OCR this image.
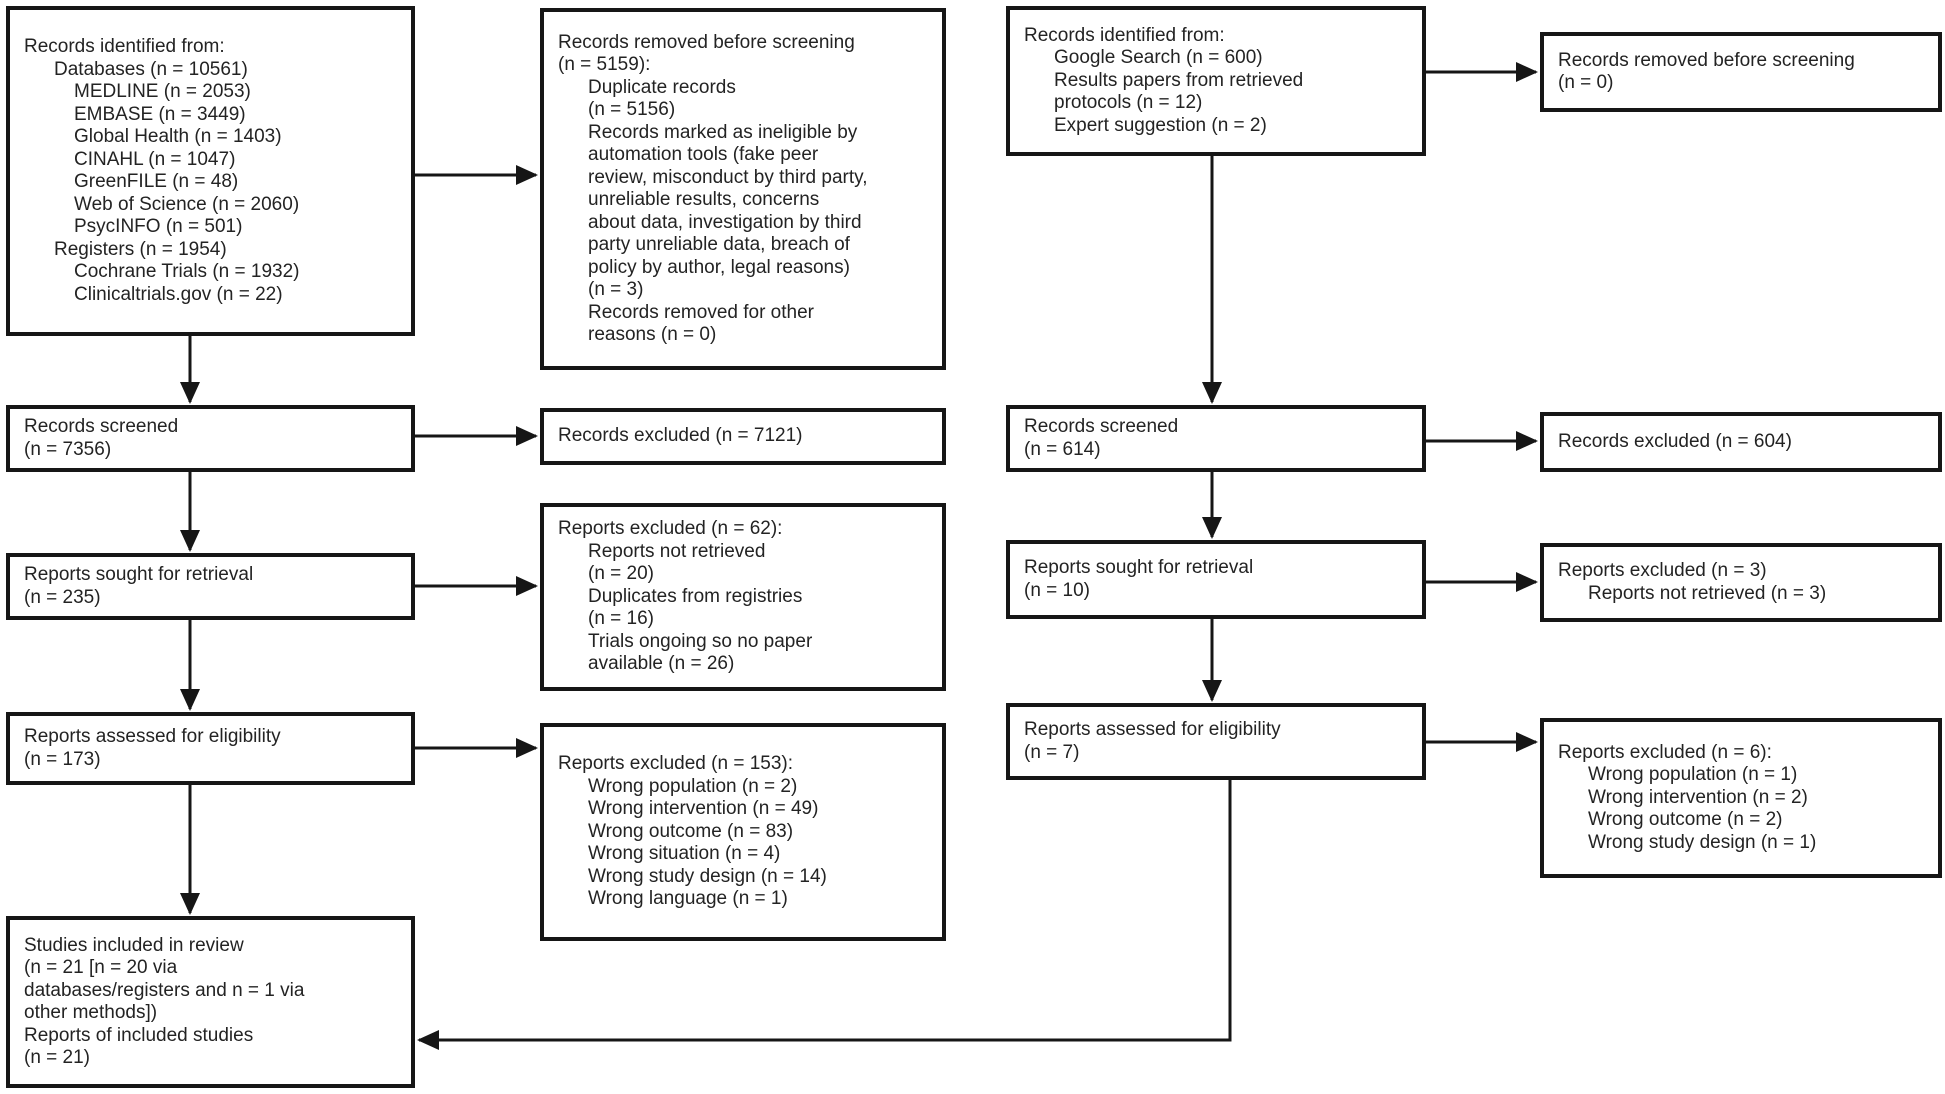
Records identified from:
Databases (n = 10561)
MEDLINE (n = 2053)
EMBASE (n = 3449)
Global Health (n = 1403)
CINAHL (n = 1047)
GreenFILE (n = 48)
Web of Science (n = 2060)
PsycINFO (n = 501)
Registers (n = 1954)
Cochrane Trials (n = 1932)
Clinicaltrials.gov (n = 22)
Records screened
(n = 7356)
Reports sought for retrieval
(n = 235)
Reports assessed for eligibility
(n = 173)
Studies included in review
(n = 21 [n = 20 via
databases/registers and n = 1 via
other methods])
Reports of included studies
(n = 21)
Records removed before screening
(n = 5159):
Duplicate records
(n = 5156)
Records marked as ineligible by
automation tools (fake peer
review, misconduct by third party,
unreliable results, concerns
about data, investigation by third
party unreliable data, breach of
policy by author, legal reasons)
(n = 3)
Records removed for other
reasons (n = 0)
Records excluded (n = 7121)
Reports excluded (n = 62):
Reports not retrieved
(n = 20)
Duplicates from registries
(n = 16)
Trials ongoing so no paper
available (n = 26)
Reports excluded (n = 153):
Wrong population (n = 2)
Wrong intervention (n = 49)
Wrong outcome (n = 83)
Wrong situation (n = 4)
Wrong study design (n = 14)
Wrong language (n = 1)
Records identified from:
Google Search (n = 600)
Results papers from retrieved
protocols (n = 12)
Expert suggestion (n = 2)
Records screened
(n = 614)
Reports sought for retrieval
(n = 10)
Reports assessed for eligibility
(n = 7)
Records removed before screening
(n = 0)
Records excluded (n = 604)
Reports excluded (n = 3)
Reports not retrieved (n = 3)
Reports excluded (n = 6):
Wrong population (n = 1)
Wrong intervention (n = 2)
Wrong outcome (n = 2)
Wrong study design (n = 1)
